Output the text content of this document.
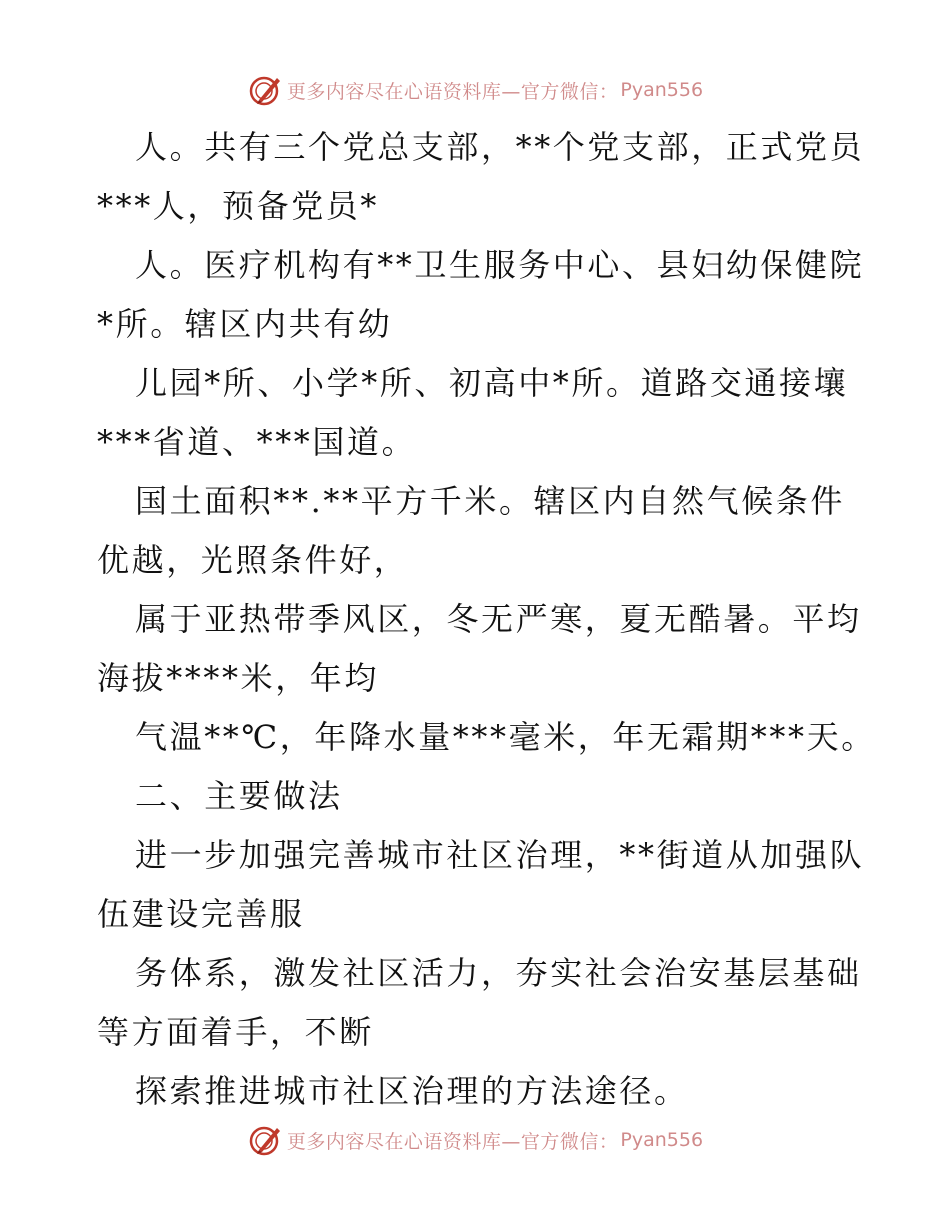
更多内容尽在心语资料库—官方微信： Pyan556
人。共有三个党总支部，**个党支部，正式党员
***人，预备党员*
人。医疗机构有**卫生服务中心、县妇幼保健院
*所。辖区内共有幼
儿园*所、小学*所、初高中*所。道路交通接壤
***省道、***国道。
国土面积**.**平方千米。辖区内自然气候条件
优越，光照条件好，
属于亚热带季风区，冬无严寒，夏无酷暑。平均
海拔****米，年均
气温**℃，年降水量***毫米，年无霜期***天。
二、主要做法
进一步加强完善城市社区治理，**街道从加强队
伍建设完善服
务体系，激发社区活力，夯实社会治安基层基础
等方面着手，不断
探索推进城市社区治理的方法途径。
更多内容尽在心语资料库—官方微信： Pyan556
